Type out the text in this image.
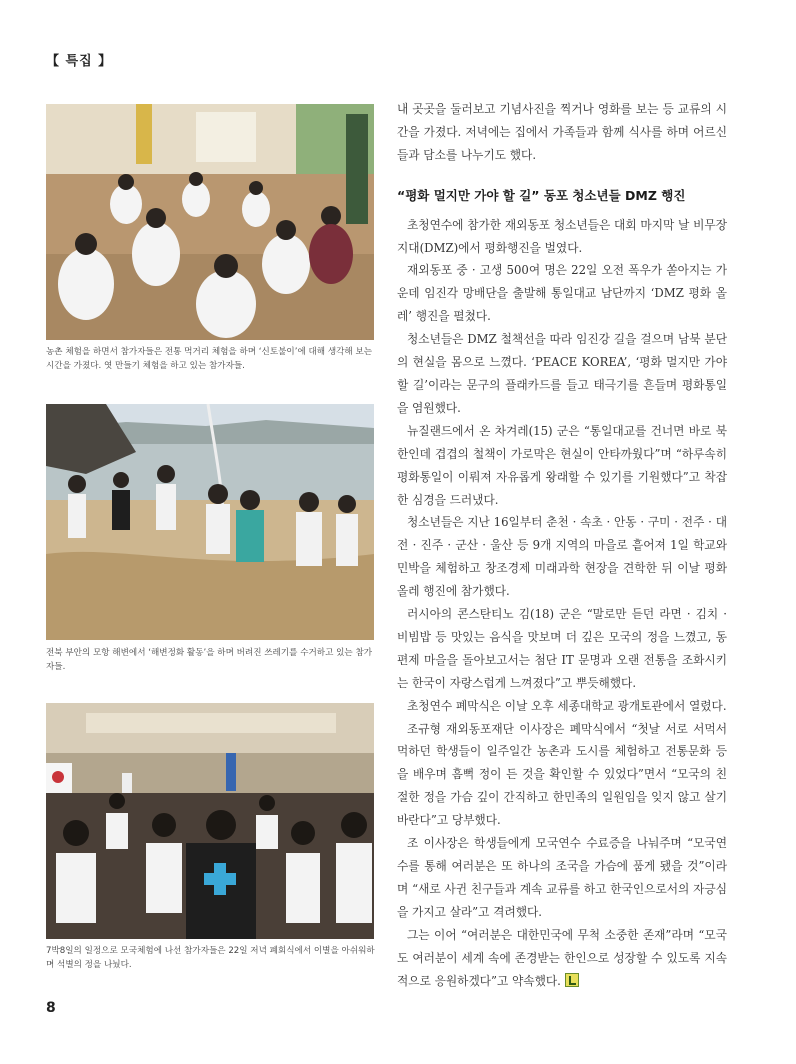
【 특집 】
농촌 체험을 하면서 참가자들은 전통 먹거리 체험을 하며 ‘신토불이’에 대해 생각해 보는 시간을 가졌다. 엿 만들기 체험을 하고 있는 참가자들.
전북 부안의 모항 해변에서 ‘해변정화 활동’을 하며 버려진 쓰레기를 수거하고 있는 참가자들.
7박8일의 일정으로 모국체험에 나선 참가자들은 22일 저녁 폐회식에서 이별을 아쉬워하며 석별의 정을 나눴다.

내 곳곳을 둘러보고 기념사진을 찍거나 영화를 보는 등 교류의 시간을 가졌다. 저녁에는 집에서 가족들과 함께 식사를 하며 어르신들과 담소를 나누기도 했다.

“평화 멀지만 가야 할 길” 동포 청소년들 DMZ 행진

초청연수에 참가한 재외동포 청소년들은 대회 마지막 날 비무장지대(DMZ)에서 평화행진을 벌였다.

재외동포 중 · 고생 500여 명은 22일 오전 폭우가 쏟아지는 가운데 임진각 망배단을 출발해 통일대교 남단까지 ‘DMZ 평화 올레’ 행진을 펼쳤다.

청소년들은 DMZ 철책선을 따라 임진강 길을 걸으며 남북 분단의 현실을 몸으로 느꼈다. ‘PEACE KOREA’, ‘평화 멀지만 가야 할 길’이라는 문구의 플래카드를 들고 태극기를 흔들며 평화통일을 염원했다.

뉴질랜드에서 온 차겨레(15) 군은 “통일대교를 건너면 바로 북한인데 겹겹의 철책이 가로막은 현실이 안타까웠다”며 “하루속히 평화통일이 이뤄져 자유롭게 왕래할 수 있기를 기원했다”고 착잡한 심경을 드러냈다.

청소년들은 지난 16일부터 춘천 · 속초 · 안동 · 구미 · 전주 · 대전 · 진주 · 군산 · 울산 등 9개 지역의 마을로 흩어져 1일 학교와 민박을 체험하고 창조경제 미래과학 현장을 견학한 뒤 이날 평화 올레 행진에 참가했다.

러시아의 콘스탄티노 김(18) 군은 “말로만 듣던 라면 · 김치 · 비빔밥 등 맛있는 음식을 맛보며 더 깊은 모국의 정을 느꼈고, 동편제 마을을 돌아보고서는 첨단 IT 문명과 오랜 전통을 조화시키는 한국이 자랑스럽게 느껴졌다”고 뿌듯해했다.

초청연수 폐막식은 이날 오후 세종대학교 광개토관에서 열렸다.

조규형 재외동포재단 이사장은 폐막식에서 “첫날 서로 서먹서먹하던 학생들이 일주일간 농촌과 도시를 체험하고 전통문화 등을 배우며 흠뻑 정이 든 것을 확인할 수 있었다”면서 “모국의 친절한 정을 가슴 깊이 간직하고 한민족의 일원임을 잊지 않고 살기 바란다”고 당부했다.

조 이사장은 학생들에게 모국연수 수료증을 나눠주며 “모국연수를 통해 여러분은 또 하나의 조국을 가슴에 품게 됐을 것”이라며 “새로 사귄 친구들과 계속 교류를 하고 한국인으로서의 자긍심을 가지고 살라”고 격려했다.

그는 이어 “여러분은 대한민국에 무척 소중한 존재”라며 “모국도 여러분이 세계 속에 존경받는 한인으로 성장할 수 있도록 지속적으로 응원하겠다”고 약속했다.

8
